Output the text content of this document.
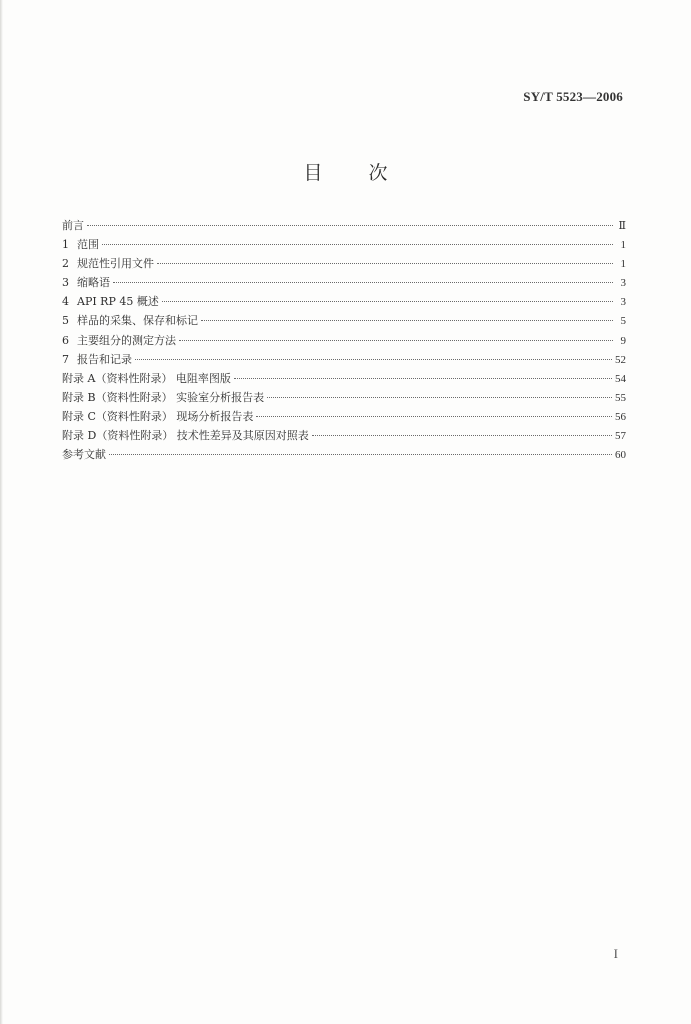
SY/T 5523—2006
目 次
前言	Ⅱ
1 范围	1
2 规范性引用文件	1
3 缩略语	3
4 API RP 45 概述	3
5 样品的采集、保存和标记	5
6 主要组分的测定方法	9
7 报告和记录	52
附录 A（资料性附录） 电阻率图版	54
附录 B（资料性附录） 实验室分析报告表	55
附录 C（资料性附录） 现场分析报告表	56
附录 D（资料性附录） 技术性差异及其原因对照表	57
参考文献	60
I
